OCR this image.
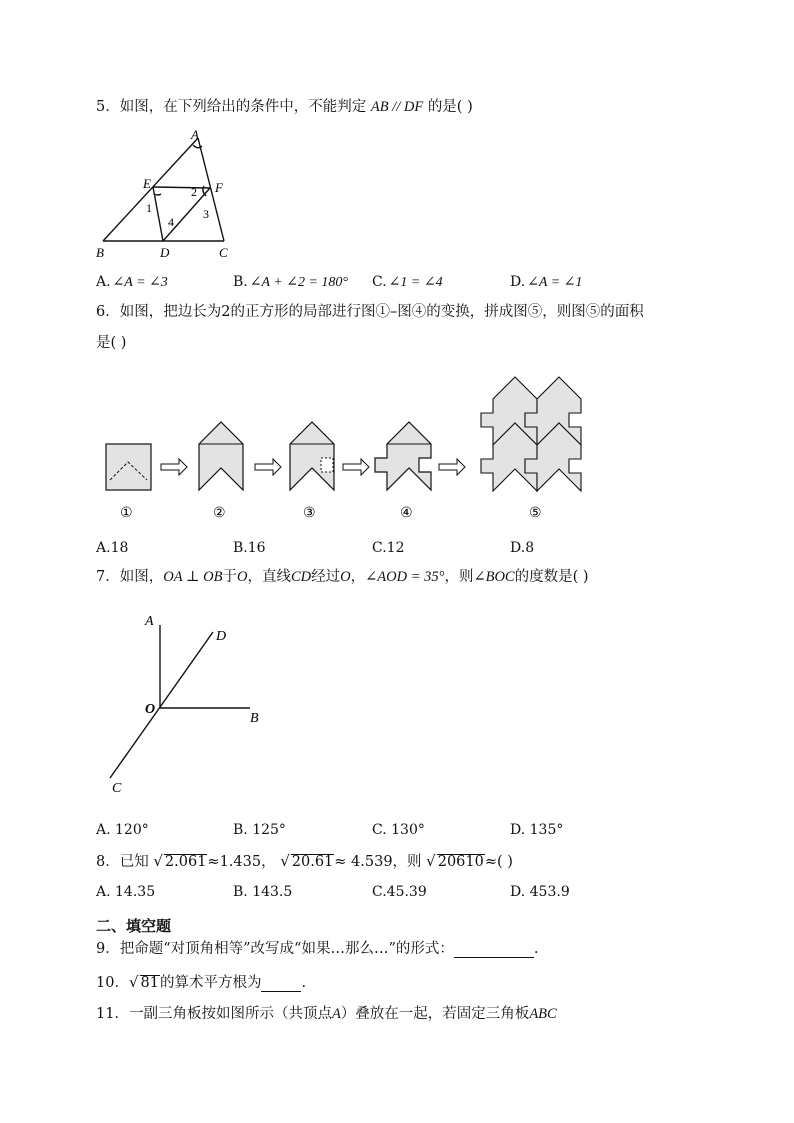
5．如图，在下列给出的条件中，不能判定 AB // DF 的是( )
A
E	F
B	D	C
1
2
3
4
A. ∠A = ∠3	B. ∠A + ∠2 = 180° C. ∠1 = ∠4	D. ∠A = ∠1
6．如图，把边长为2的正方形的局部进行图①–图④的变换，拼成图⑤，则图⑤的面积
是( )
①	②	③	④	⑤
A.18	B.16	C.12	D.8
7．如图，OA ⊥ OB于O，直线CD经过O，∠AOD = 35°，则∠BOC的度数是( )
A
D
O
B
C
A. 120°	B. 125°	C. 130°	D. 135°
8．已知 √ 2.061≈1.435， √ 20.61≈ 4.539，则 √ 20610≈( )
A. 14.35	B. 143.5	C.45.39	D. 453.9
二、填空题
9．把命题“对顶角相等”改写成“如果…那么…”的形式：	.
10．√ 81的算术平方根为	.
11．一副三角板按如图所示（共顶点A）叠放在一起，若固定三角板ABC
